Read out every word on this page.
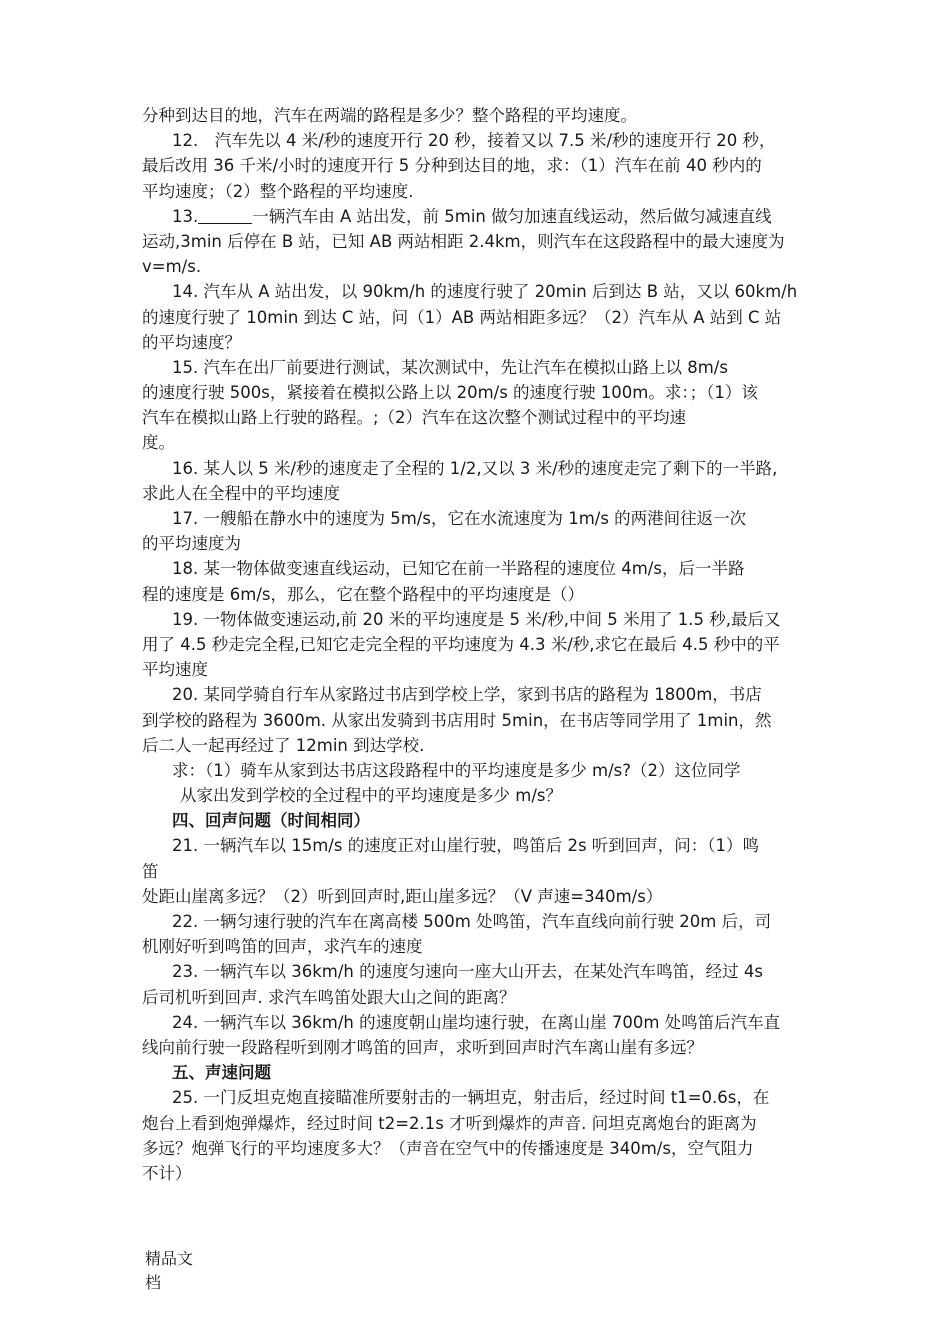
分种到达目的地，汽车在两端的路程是多少？整个路程的平均速度。
12.　汽车先以 4 米/秒的速度开行 20 秒，接着又以 7.5 米/秒的速度开行 20 秒，
最后改用 36 千米/小时的速度开行 5 分种到达目的地，求：（1）汽车在前 40 秒内的
平均速度；（2）整个路程的平均速度.
13.	一辆汽车由 A 站出发，前 5min 做匀加速直线运动，然后做匀减速直线
运动,3min 后停在 B 站，已知 AB 两站相距 2.4km，则汽车在这段路程中的最大速度为
v=m/s.
14. 汽车从 A 站出发，以 90km/h 的速度行驶了 20min 后到达 B 站，又以 60km/h
的速度行驶了 10min 到达 C 站，问（1）AB 两站相距多远？（2）汽车从 A 站到 C 站
的平均速度？
15. 汽车在出厂前要进行测试，某次测试中，先让汽车在模拟山路上以 8m/s
的速度行驶 500s，紧接着在模拟公路上以 20m/s 的速度行驶 100m。求：；（1）该
汽车在模拟山路上行驶的路程。;（2）汽车在这次整个测试过程中的平均速
度。
16. 某人以 5 米/秒的速度走了全程的 1/2,又以 3 米/秒的速度走完了剩下的一半路,
求此人在全程中的平均速度
17. 一艘船在静水中的速度为 5m/s，它在水流速度为 1m/s 的两港间往返一次
的平均速度为
18. 某一物体做变速直线运动，已知它在前一半路程的速度位 4m/s，后一半路
程的速度是 6m/s，那么，它在整个路程中的平均速度是（）
19. 一物体做变速运动,前 20 米的平均速度是 5 米/秒,中间 5 米用了 1.5 秒,最后又
用了 4.5 秒走完全程,已知它走完全程的平均速度为 4.3 米/秒,求它在最后 4.5 秒中的平
平均速度
20. 某同学骑自行车从家路过书店到学校上学，家到书店的路程为 1800m，书店
到学校的路程为 3600m. 从家出发骑到书店用时 5min，在书店等同学用了 1min，然
后二人一起再经过了 12min 到达学校.
求：（1）骑车从家到达书店这段路程中的平均速度是多少 m/s?（2）这位同学
从家出发到学校的全过程中的平均速度是多少 m/s？
四、回声问题（时间相同）
21. 一辆汽车以 15m/s 的速度正对山崖行驶，鸣笛后 2s 听到回声，问：（1）鸣
笛
处距山崖离多远？（2）听到回声时,距山崖多远？（V 声速=340m/s）
22. 一辆匀速行驶的汽车在离高楼 500m 处鸣笛，汽车直线向前行驶 20m 后，司
机刚好听到鸣笛的回声，求汽车的速度
23. 一辆汽车以 36km/h 的速度匀速向一座大山开去，在某处汽车鸣笛，经过 4s
后司机听到回声. 求汽车鸣笛处跟大山之间的距离？
24. 一辆汽车以 36km/h 的速度朝山崖均速行驶，在离山崖 700m 处鸣笛后汽车直
线向前行驶一段路程听到刚才鸣笛的回声，求听到回声时汽车离山崖有多远？
五、声速问题
25. 一门反坦克炮直接瞄准所要射击的一辆坦克，射击后，经过时间 t1=0.6s，在
炮台上看到炮弹爆炸，经过时间 t2=2.1s 才听到爆炸的声音. 问坦克离炮台的距离为
多远？炮弹飞行的平均速度多大？（声音在空气中的传播速度是 340m/s，空气阻力
不计）
精品文
档
